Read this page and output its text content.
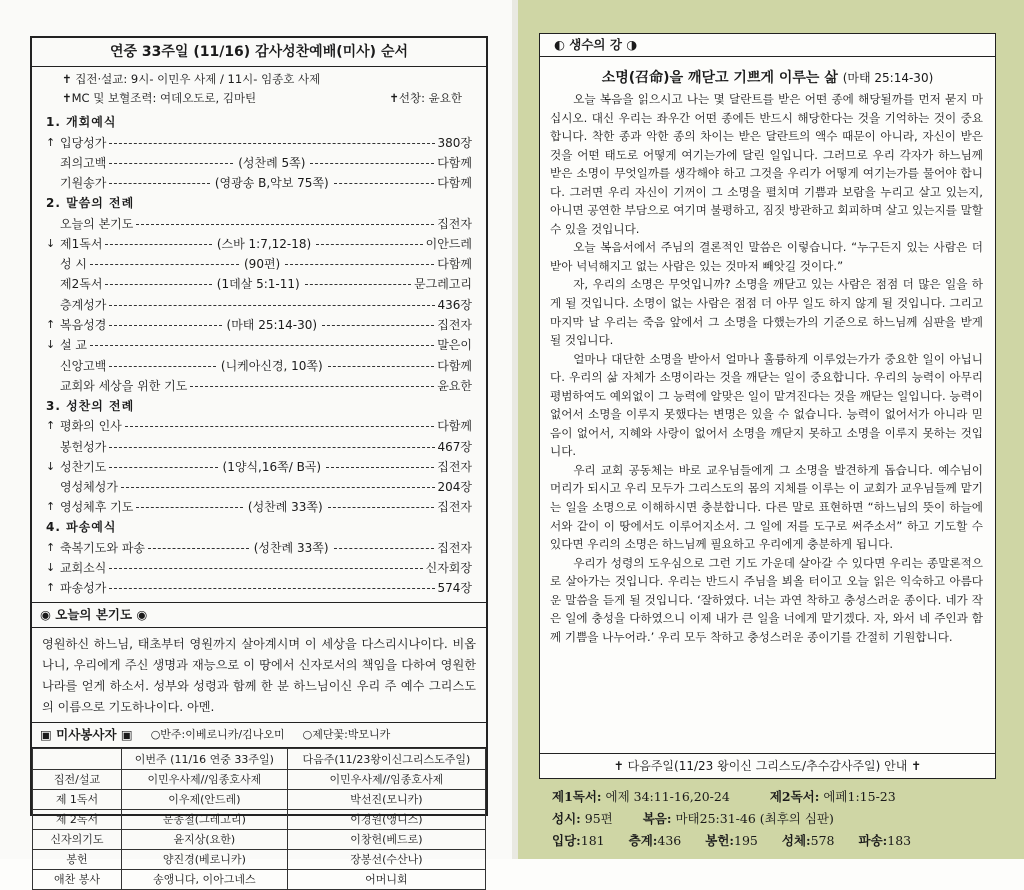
연중 33주일 (11/16) 감사성찬예배(미사) 순서
✝ 집전·설교: 9시- 이민우 사제 / 11시- 임종호 사제
✝MC 및 보혈조력: 여데오도로, 김마틴	✝선창: 윤요한
1. 개회예식
↑ 입당성가	380장
죄의고백	(성찬례 5쪽)	다함께
기원송가	(영광송 B,악보 75쪽)	다함께
2. 말씀의 전례
오늘의 본기도	집전자
↓ 제1독서	(스바 1:7,12-18)	이안드레
성 시	(90편)	다함께
제2독서	(1데살 5:1-11)	문그레고리
층계성가	436장
↑ 복음성경	(마태 25:14-30)	집전자
↓ 설 교	말은이
신앙고백	(니케아신경, 10쪽)	다함께
교회와 세상을 위한 기도	윤요한
3. 성찬의 전례
↑ 평화의 인사	다함께
봉헌성가	467장
↓ 성찬기도	(1양식,16쪽/ B곡)	집전자
영성체성가	204장
↑ 영성체후 기도	(성찬례 33쪽)	집전자
4. 파송예식
↑ 축복기도와 파송	(성찬례 33쪽)	집전자
↓ 교회소식	신자회장
↑ 파송성가	574장
◉ 오늘의 본기도 ◉
영원하신 하느님, 태초부터 영원까지 살아계시며 이 세상을 다스리시나이다. 비옵나니, 우리에게 주신 생명과 재능으로 이 땅에서 신자로서의 책임을 다하여 영원한 나라를 얻게 하소서. 성부와 성령과 함께 한 분 하느님이신 우리 주 예수 그리스도의 이름으로 기도하나이다. 아멘.
▣ 미사봉사자 ▣ ○반주:이베로니카/김나오미 ○제단꽃:박모니카
	이번주 (11/16 연중 33주일)	다음주(11/23왕이신그리스도주일)
집전/설교	이민우사제//임종호사제	이민우사제//임종호사제
제 1독서	이우제(안드레)	박선진(모니카)
제 2독서	문종철(그레고리)	이경원(앵니스)
신자의기도	윤지상(요한)	이창헌(베드로)
봉헌	양진경(베로니카)	장봉선(수산나)
애찬 봉사	송앵니다, 이아그네스	어머니회
◐ 생수의 강 ◑
소명(召命)을 깨닫고 기쁘게 이루는 삶 (마태 25:14-30)

오늘 복음을 읽으시고 나는 몇 달란트를 받은 어떤 종에 해당될까를 먼저 묻지 마십시오. 대신 우리는 좌우간 어떤 종에든 반드시 해당한다는 것을 기억하는 것이 중요합니다. 착한 종과 악한 종의 차이는 받은 달란트의 액수 때문이 아니라, 자신이 받은 것을 어떤 태도로 어떻게 여기는가에 달린 일입니다. 그러므로 우리 각자가 하느님께 받은 소명이 무엇일까를 생각해야 하고 그것을 우리가 어떻게 여기는가를 물어야 합니다. 그러면 우리 자신이 기꺼이 그 소명을 펼치며 기쁨과 보람을 누리고 살고 있는지, 아니면 공연한 부담으로 여기며 불평하고, 짐짓 방관하고 회피하며 살고 있는지를 말할 수 있을 것입니다.

오늘 복음서에서 주님의 결론적인 말씀은 이렇습니다. “누구든지 있는 사람은 더 받아 넉넉해지고 없는 사람은 있는 것마저 빼앗길 것이다.”

자, 우리의 소명은 무엇입니까? 소명을 깨닫고 있는 사람은 점점 더 많은 일을 하게 될 것입니다. 소명이 없는 사람은 점점 더 아무 일도 하지 않게 될 것입니다. 그리고 마지막 날 우리는 죽음 앞에서 그 소명을 다했는가의 기준으로 하느님께 심판을 받게 될 것입니다.

얼마나 대단한 소명을 받아서 얼마나 훌륭하게 이루었는가가 중요한 일이 아닙니다. 우리의 삶 자체가 소명이라는 것을 깨닫는 일이 중요합니다. 우리의 능력이 아무리 평범하여도 예외없이 그 능력에 알맞은 일이 맡겨진다는 것을 깨닫는 일입니다. 능력이 없어서 소명을 이루지 못했다는 변명은 있을 수 없습니다. 능력이 없어서가 아니라 믿음이 없어서, 지혜와 사랑이 없어서 소명을 깨닫지 못하고 소명을 이루지 못하는 것입니다.

우리 교회 공동체는 바로 교우님들에게 그 소명을 발견하게 돕습니다. 예수님이 머리가 되시고 우리 모두가 그리스도의 몸의 지체를 이루는 이 교회가 교우님들께 맡기는 일을 소명으로 이해하시면 충분합니다. 다른 말로 표현하면 “하느님의 뜻이 하늘에서와 같이 이 땅에서도 이루어지소서. 그 일에 저를 도구로 써주소서” 하고 기도할 수 있다면 우리의 소명은 하느님께 필요하고 우리에게 충분하게 됩니다.

우리가 성령의 도우심으로 그런 기도 가운데 살아갈 수 있다면 우리는 종말론적으로 살아가는 것입니다. 우리는 반드시 주님을 뵈올 터이고 오늘 읽은 익숙하고 아름다운 말씀을 듣게 될 것입니다. ‘잘하였다. 너는 과연 착하고 충성스러운 종이다. 네가 작은 일에 충성을 다하였으니 이제 내가 큰 일을 너에게 맡기겠다. 자, 와서 네 주인과 함께 기쁨을 나누어라.’ 우리 모두 착하고 충성스러운 종이기를 간절히 기원합니다.

✝ 다음주일(11/23 왕이신 그리스도/추수감사주일) 안내 ✝
제1독서: 에제 34:11-16,20-24	제2독서: 에페1:15-23
성시: 95편 복음: 마태25:31-46 (최후의 심판)
입당:181 층계:436 봉헌:195 성체:578 파송:183
